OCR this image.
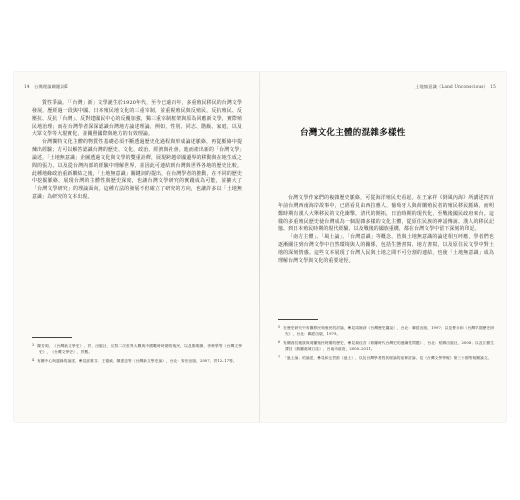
14　台灣理論關鍵詞Ⅱ

質性爭論。「「台灣」新」文學誕生於1920年代，至今已逾百年，多重殖民移民的台灣文學發展，歷經過一段與中國、日本殖民地文化的三重宰制，並重視殖民與反殖民，反抗殖民、反壓抗、反抗「台灣」、反對建國民中心的反覆加強，獨三重宰制框架與原為回應新文學，實際殖民地治理；而在台灣學者深深認識台灣地方論述理論，例如，性別、同志、階級、家庭，以及大眾文學等大現實化，並關照國際與地方的有效理論。

台灣獨特文化主體的物質性基礎必須不斷透過歷史化過程與形成論述脈絡，再從脈絡中提煉出經驗；方可以解答認識台灣的歷史、文化、政治、經濟與社會。進而產出新的「台灣文學」論述，「土地無意識」企圖透過文化與文學的雙重詮釋，展現跨越帝國邊界的移動與在地生成之間的張力，以及從台灣內部的經驗中理解世界，並因此可連結到台灣與世界各地的歷史比較。此種地緣政治重新聯結之後，「土地無意識」關鍵詞的提出，在台灣學者的推動，在不同的歷史中挖掘脈絡，展現台灣的主體性與歷史深度，也讓台灣文學研究的實踐成為可能，並擴大了「台灣文學研究」的理論面向。這種方法的發展不但確立了研究的方向，也讓許多以「土地無意識」為研究的文本出現。

3 陳芳明，《台灣新文學史》，頁、出版社、反對二次世界大戰與中國戰時時期的殖民，以及鄭明娳、李奭學等《台灣文學史》，《台灣文學史》，頁數。

4 有關中心與邊緣的論述，參見邱貴芬、王德威、陳建忠等《台灣新文學史論》，台北：麥田出版，2007，頁12–17等。

土地無意識（Land Unconscious）　15
台灣文化主體的混雜多樣性

台灣文學作家們的複雜歷史脈絡，可從海洋殖民史看起。在王家祥《倒風內海》所講述四百年前台灣西南海岸故事中，已經看見由西拉雅人、葡萄牙人與荷蘭殖民者的殖民移民脈絡，而明鄭時期有漢人大舉移民的文化衝擊，清代的開拓，日治時期的現代化，至戰後國民政府來台。這樣的多重殖民歷史使台灣成為一個混雜多樣的文化主體，從原住民族的神話傳說、漢人的移民記憶、到日本殖民時期的現代經驗，以及戰後的國族重構，都在台灣文學中留下深刻的印記。

「南方主體」、「風土論」、「台灣意識」等概念，皆與土地無意識的論述相互呼應，學者們也逐漸關注到台灣文學中自然環境與人的關係，包括生態書寫、地方書寫，以及原住民文學中對土地的深刻情感。這些文本展現了台灣人民與土地之間不可分割的連結，也使「土地無意識」成為理解台灣文學與文化的重要途徑。

5 在歷史研究中有關移民與殖民的討論，參見周婉窈《台灣歷史圖說》，台北：聯經出版，1997；以及曹永和《台灣早期歷史研究》，台北：聯經出版，1979。

6 有關西拉雅族與荷蘭殖民時期的歷史，參見翁佳音《荷蘭時代台灣史的連續性問題》，台北：稻鄉出版社，2008；以及江樹生譯註《熱蘭遮城日誌》，台南市政府，2000–2011。

7 「風土論」的論述，參見和辻哲郎《風土》，以及台灣學者對其理論的延伸討論，見《台灣文學學報》第三十期等相關論文。
